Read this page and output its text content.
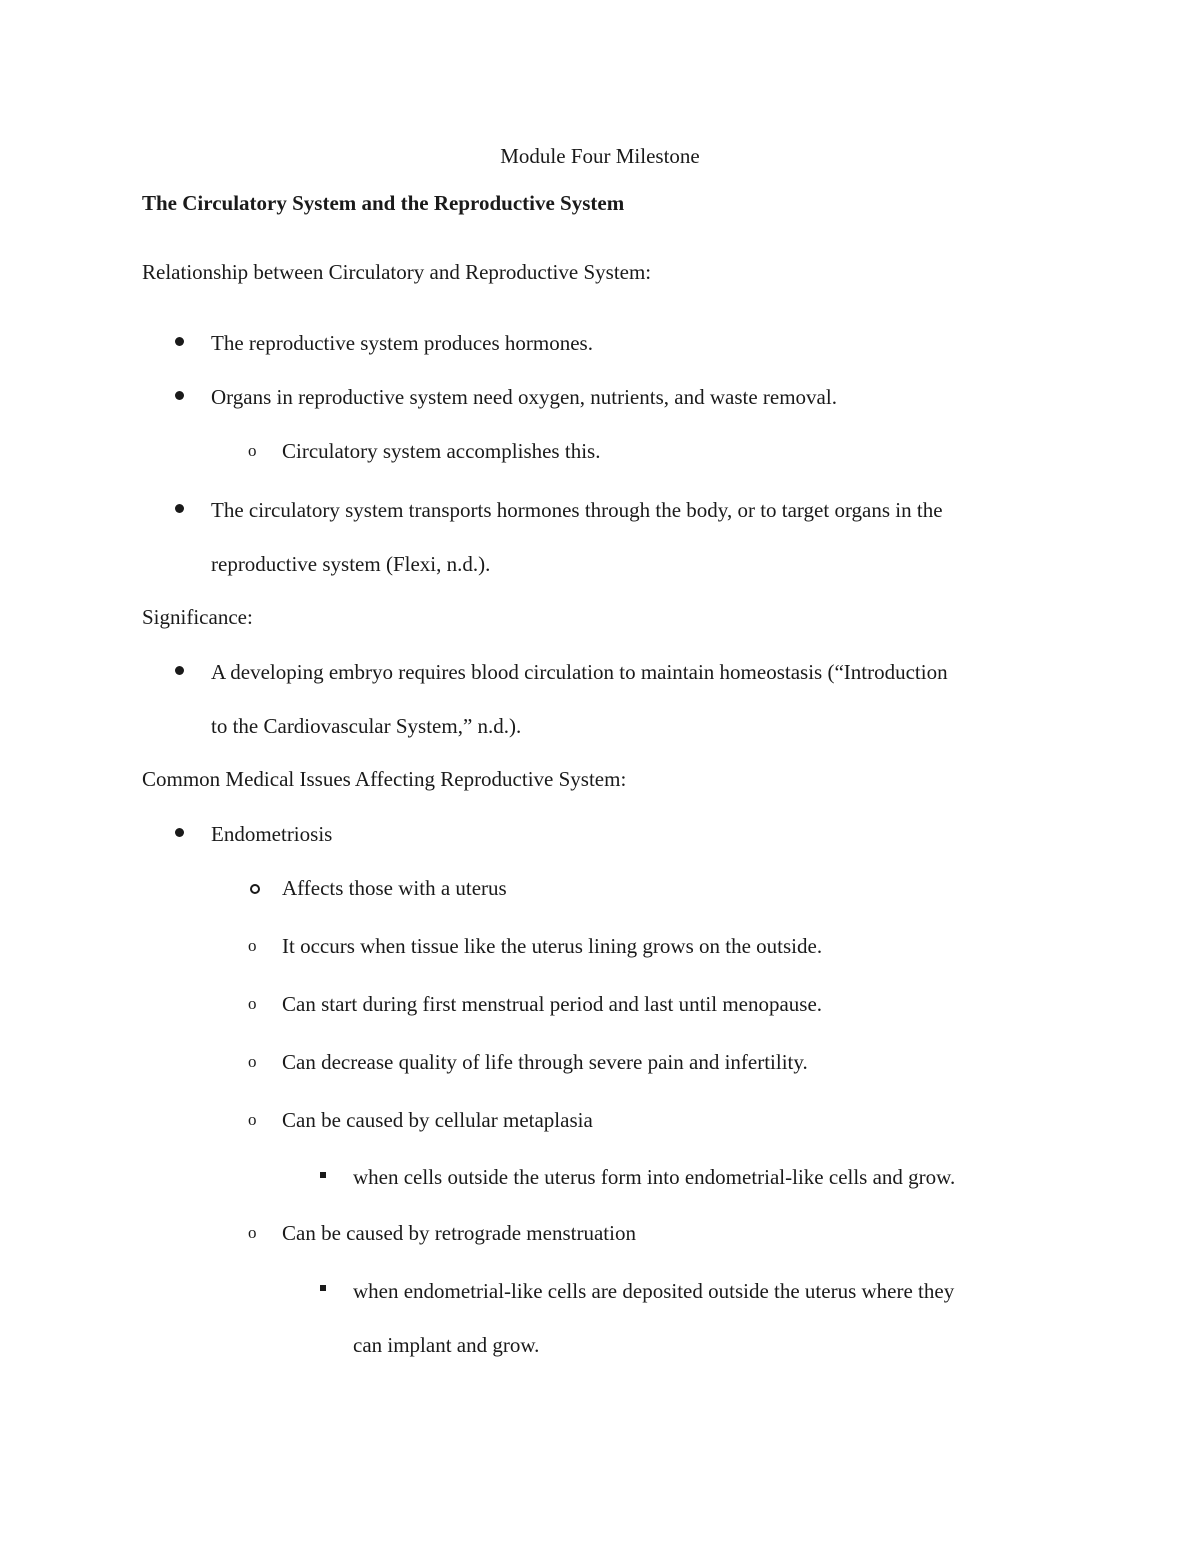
Module Four Milestone
The Circulatory System and the Reproductive System
Relationship between Circulatory and Reproductive System:
The reproductive system produces hormones.
Organs in reproductive system need oxygen, nutrients, and waste removal.
o Circulatory system accomplishes this.
The circulatory system transports hormones through the body, or to target organs in the
reproductive system (Flexi, n.d.).
Significance:
A developing embryo requires blood circulation to maintain homeostasis (“Introduction
to the Cardiovascular System,” n.d.).
Common Medical Issues Affecting Reproductive System:
Endometriosis
Affects those with a uterus
o It occurs when tissue like the uterus lining grows on the outside.
o Can start during first menstrual period and last until menopause.
o Can decrease quality of life through severe pain and infertility.
o Can be caused by cellular metaplasia
when cells outside the uterus form into endometrial-like cells and grow.
o Can be caused by retrograde menstruation
when endometrial-like cells are deposited outside the uterus where they
can implant and grow.
